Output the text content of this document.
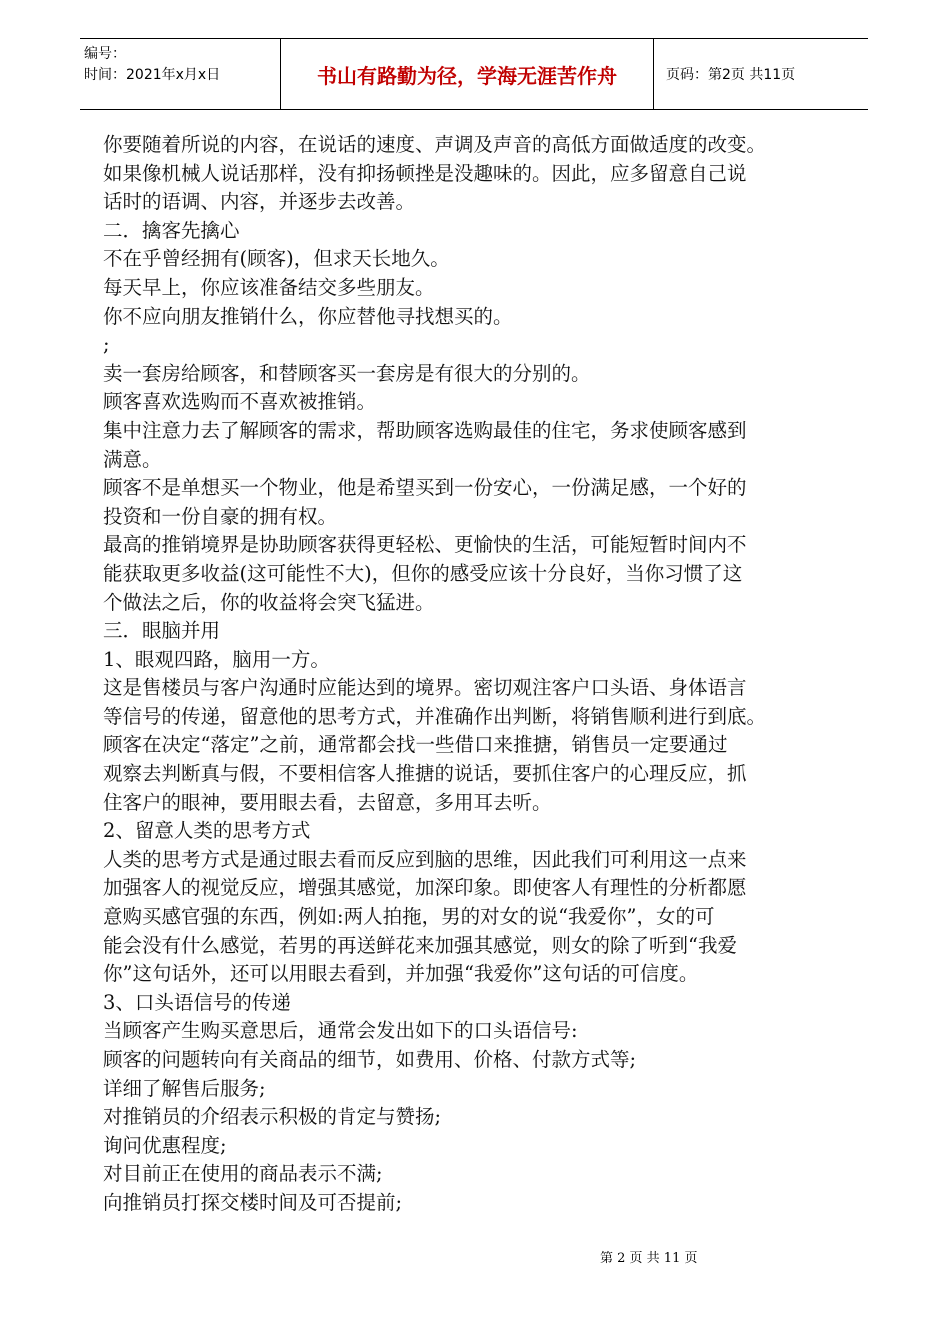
编号：
时间：2021年x月x日	书山有路勤为径，学海无涯苦作舟	页码：第2页 共11页

你要随着所说的内容，在说话的速度、声调及声音的高低方面做适度的改变。

如果像机械人说话那样，没有抑扬顿挫是没趣味的。因此，应多留意自己说

话时的语调、内容，并逐步去改善。

二．擒客先擒心

不在乎曾经拥有(顾客)，但求天长地久。

每天早上，你应该准备结交多些朋友。

你不应向朋友推销什么，你应替他寻找想买的。

;

卖一套房给顾客，和替顾客买一套房是有很大的分别的。

顾客喜欢选购而不喜欢被推销。

集中注意力去了解顾客的需求，帮助顾客选购最佳的住宅，务求使顾客感到

满意。

顾客不是单想买一个物业，他是希望买到一份安心，一份满足感，一个好的

投资和一份自豪的拥有权。

最高的推销境界是协助顾客获得更轻松、更愉快的生活，可能短暂时间内不

能获取更多收益(这可能性不大)，但你的感受应该十分良好，当你习惯了这

个做法之后，你的收益将会突飞猛进。

三．眼脑并用

1、眼观四路，脑用一方。

这是售楼员与客户沟通时应能达到的境界。密切观注客户口头语、身体语言

等信号的传递，留意他的思考方式，并准确作出判断，将销售顺利进行到底。

顾客在决定“落定”之前，通常都会找一些借口来推搪，销售员一定要通过

观察去判断真与假，不要相信客人推搪的说话，要抓住客户的心理反应，抓

住客户的眼神，要用眼去看，去留意，多用耳去听。

2、留意人类的思考方式

人类的思考方式是通过眼去看而反应到脑的思维，因此我们可利用这一点来

加强客人的视觉反应，增强其感觉，加深印象。即使客人有理性的分析都愿

意购买感官强的东西，例如:两人拍拖，男的对女的说“我爱你”，女的可

能会没有什么感觉，若男的再送鲜花来加强其感觉，则女的除了听到“我爱

你”这句话外，还可以用眼去看到，并加强“我爱你”这句话的可信度。

3、口头语信号的传递

当顾客产生购买意思后，通常会发出如下的口头语信号:

顾客的问题转向有关商品的细节，如费用、价格、付款方式等;

详细了解售后服务;

对推销员的介绍表示积极的肯定与赞扬;

询问优惠程度;

对目前正在使用的商品表示不满;

向推销员打探交楼时间及可否提前;

第 2 页 共 11 页
